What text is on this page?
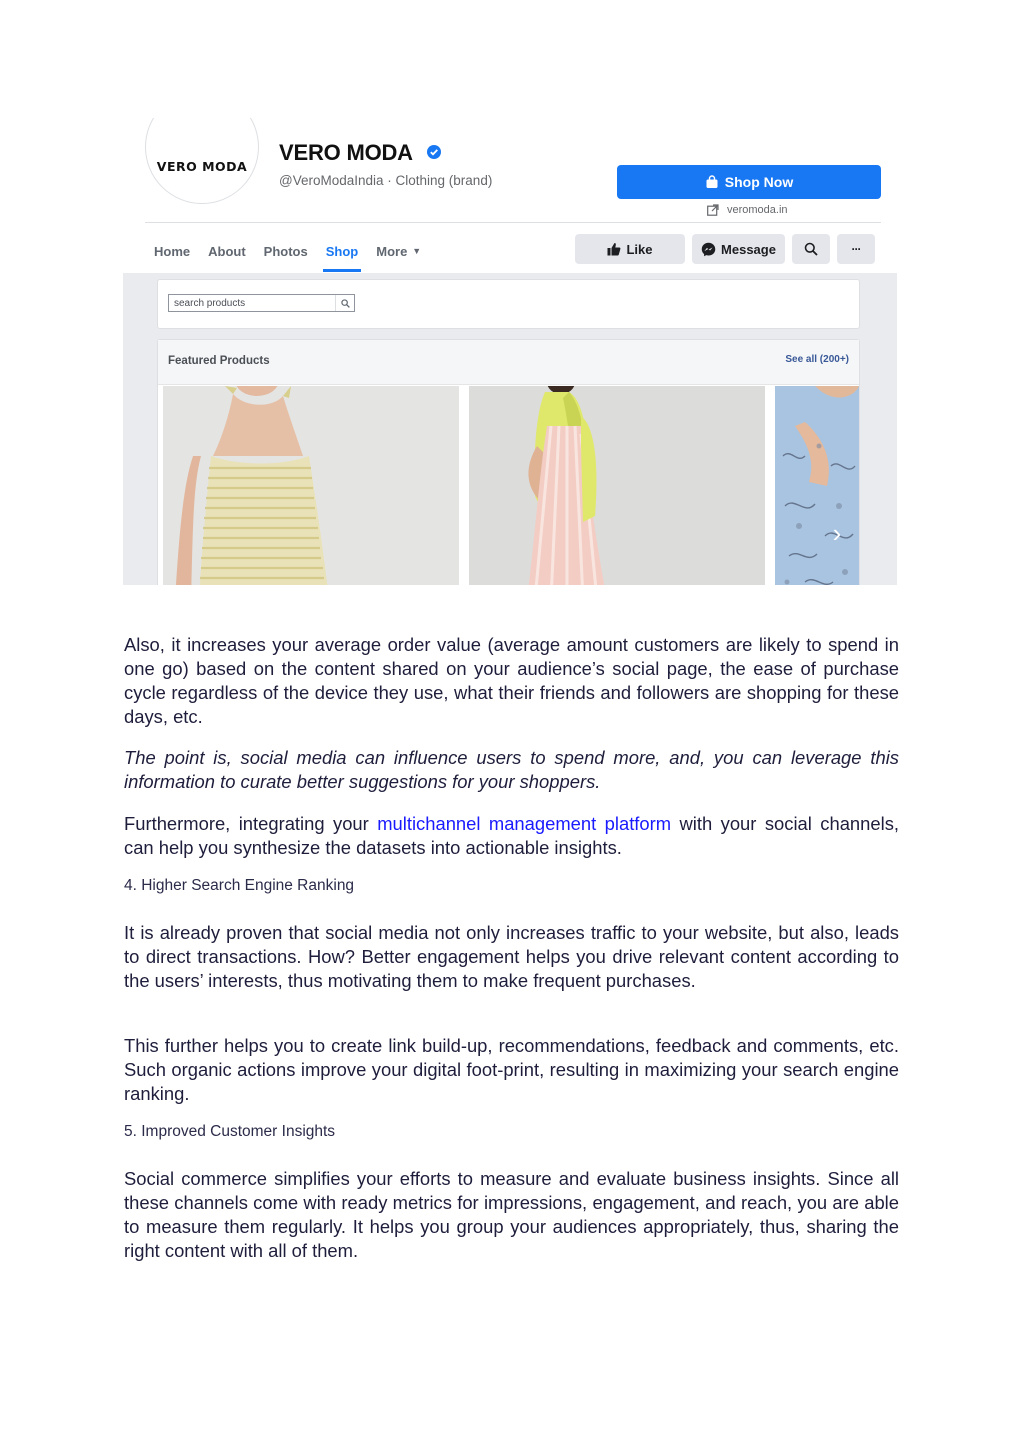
VERO MODA
VERO MODA
@VeroModaIndia · Clothing (brand)	Shop Now
veromoda.in
Home About Photos Shop More ▼	Like	Message	···
search products
Featured Products	See all (200+)
›

Also, it increases your average order value (average amount customers are likely to spend in one go) based on the content shared on your audience’s social page, the ease of purchase cycle regardless of the device they use, what their friends and followers are shopping for these days, etc.

The point is, social media can influence users to spend more, and, you can leverage this information to curate better suggestions for your shoppers.

Furthermore, integrating your multichannel management platform with your social channels, can help you synthesize the datasets into actionable insights.

4. Higher Search Engine Ranking

It is already proven that social media not only increases traffic to your website, but also, leads to direct transactions. How? Better engagement helps you drive relevant content according to the users’ interests, thus motivating them to make frequent purchases.

This further helps you to create link build-up, recommendations, feedback and comments, etc. Such organic actions improve your digital foot-print, resulting in maximizing your search engine ranking.

5. Improved Customer Insights

Social commerce simplifies your efforts to measure and evaluate business insights. Since all these channels come with ready metrics for impressions, engagement, and reach, you are able to measure them regularly. It helps you group your audiences appropriately, thus, sharing the right content with all of them.
